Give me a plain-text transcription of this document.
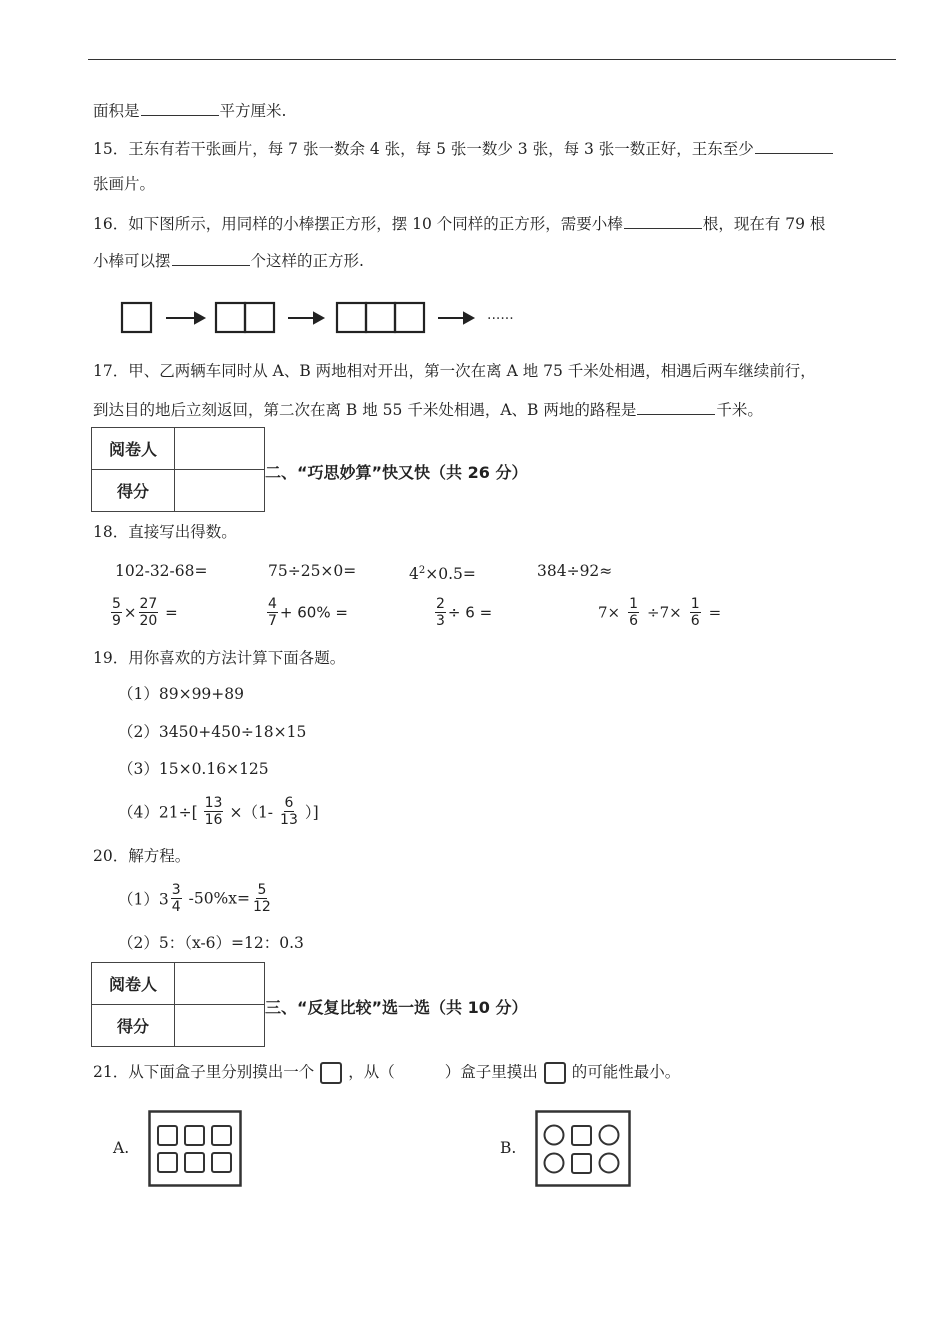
面积是	平方厘米.
15．王东有若干张画片，每 7 张一数余 4 张，每 5 张一数少 3 张，每 3 张一数正好，王东至少
张画片。
16．如下图所示，用同样的小棒摆正方形，摆 10 个同样的正方形，需要小棒	根，现在有 79 根
小棒可以摆	个这样的正方形.
······
17．甲、乙两辆车同时从 A、B 两地相对开出，第一次在离 A 地 75 千米处相遇，相遇后两车继续前行，
到达目的地后立刻返回，第二次在离 B 地 55 千米处相遇，A、B 两地的路程是	千米。
阅卷人	
得分	
二、“巧思妙算”快又快（共 26 分）
18．直接写出得数。
102-32-68=	75÷25×0=	$4^2\times 0.5=$	384÷92≈
$\frac{5}{9} \times \frac{27}{20}$ =	$\frac{4}{7} + 60\%$ =	$\frac{2}{3} \div 6$ =	$7\times \frac{1}{6} \div 7\times \frac{1}{6}$ =
19．用你喜欢的方法计算下面各题。
（1）89×99+89
（2）3450+450÷18×15
（3）15×0.16×125
$(4)21\div[ \frac{13}{16} \times(1- \frac{6}{13}$ ）]
20．解方程。
$(1)3 \frac{3}{4} -50\%x= \frac{5}{12}$
（2）5：（x-6）=12：0.3
阅卷人	
得分	
三、“反复比较”选一选（共 10 分）
21．从下面盒子里分别摸出一个 ，从（	）盒子里摸出 的可能性最小。
A.	B.
